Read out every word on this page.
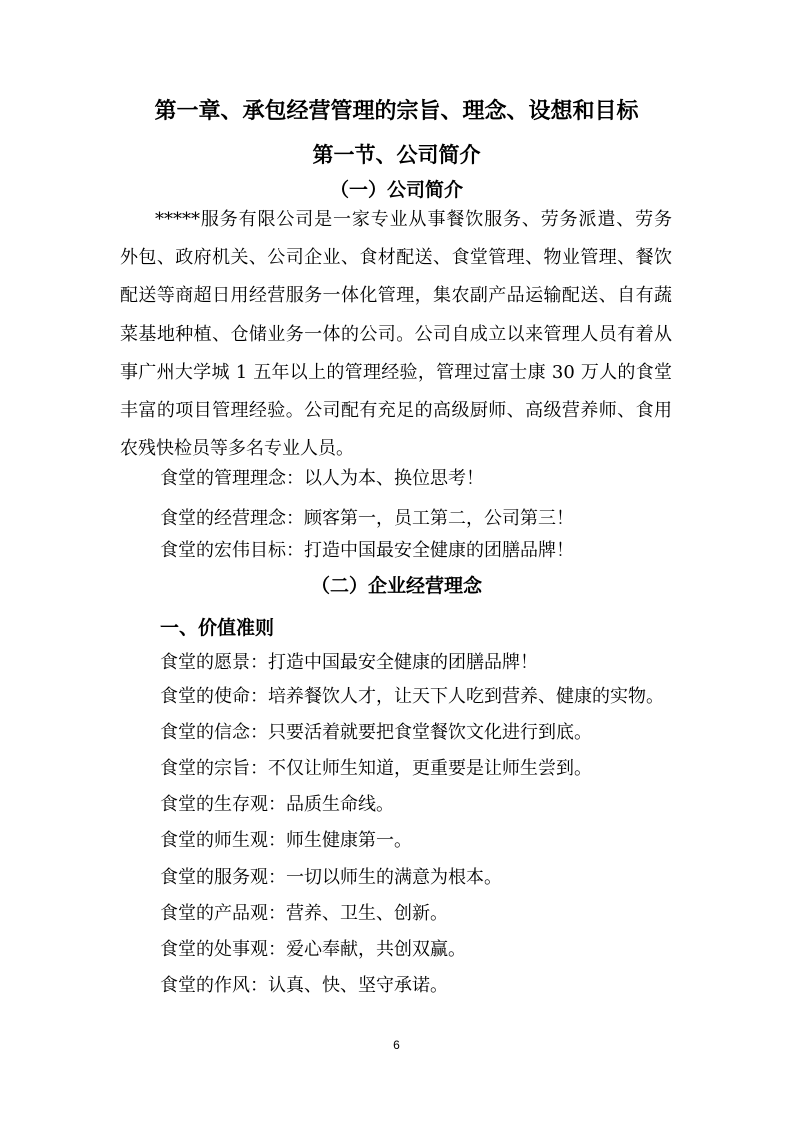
第一章、承包经营管理的宗旨、理念、设想和目标
第一节、公司简介
（一）公司简介
*****服务有限公司是一家专业从事餐饮服务、劳务派遣、劳务
外包、政府机关、公司企业、食材配送、食堂管理、物业管理、餐饮
配送等商超日用经营服务一体化管理，集农副产品运输配送、自有蔬
菜基地种植、仓储业务一体的公司。公司自成立以来管理人员有着从
事广州大学城 1 五年以上的管理经验，管理过富士康 30 万人的食堂
丰富的项目管理经验。公司配有充足的高级厨师、高级营养师、食用
农残快检员等多名专业人员。
食堂的管理理念：以人为本、换位思考！
食堂的经营理念：顾客第一，员工第二，公司第三！
食堂的宏伟目标：打造中国最安全健康的团膳品牌！
（二）企业经营理念
一、价值准则
食堂的愿景：打造中国最安全健康的团膳品牌！
食堂的使命：培养餐饮人才，让天下人吃到营养、健康的实物。
食堂的信念：只要活着就要把食堂餐饮文化进行到底。
食堂的宗旨：不仅让师生知道，更重要是让师生尝到。
食堂的生存观：品质生命线。
食堂的师生观：师生健康第一。
食堂的服务观：一切以师生的满意为根本。
食堂的产品观：营养、卫生、创新。
食堂的处事观：爱心奉献，共创双赢。
食堂的作风：认真、快、坚守承诺。
6
